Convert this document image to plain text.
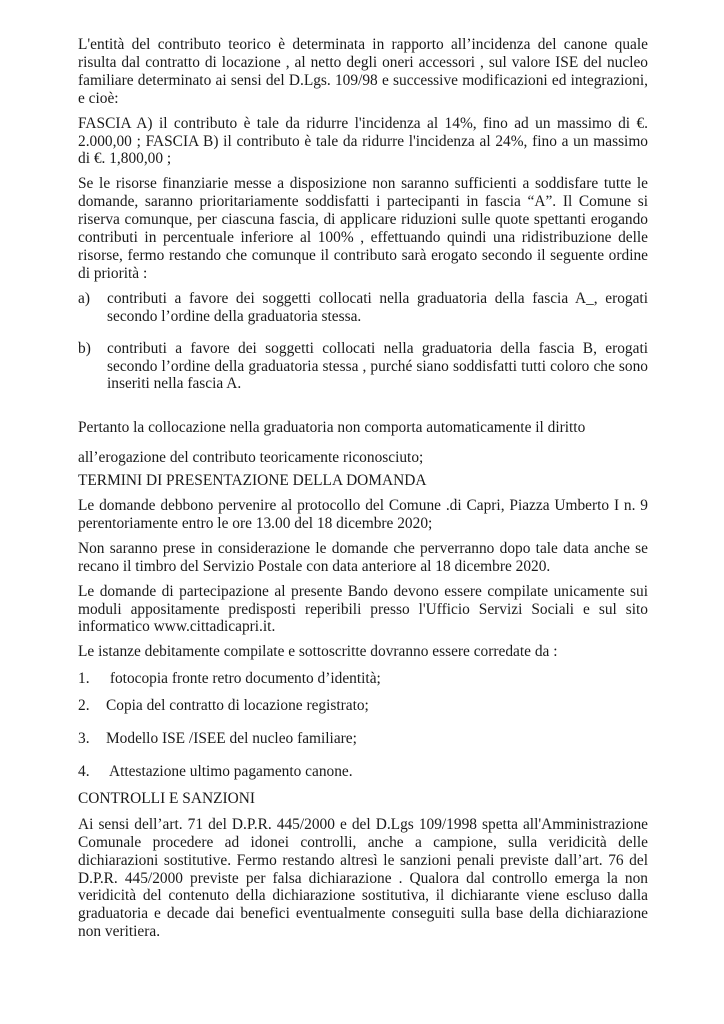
L'entità del contributo teorico è determinata in rapporto all’incidenza del canone quale risulta dal contratto di locazione , al netto degli oneri accessori , sul valore ISE del nucleo familiare determinato ai sensi del D.Lgs. 109/98 e successive modificazioni ed integrazioni, e cioè:

FASCIA A) il contributo è tale da ridurre l'incidenza al 14%, fino ad un massimo di €. 2.000,00 ; FASCIA B) il contributo è tale da ridurre l'incidenza al 24%, fino a un massimo di €. 1,800,00 ;

Se le risorse finanziarie messe a disposizione non saranno sufficienti a soddisfare tutte le domande, saranno prioritariamente soddisfatti i partecipanti in fascia “A”. Il Comune si riserva comunque, per ciascuna fascia, di applicare riduzioni sulle quote spettanti erogando contributi in percentuale inferiore al 100% , effettuando quindi una ridistribuzione delle risorse, fermo restando che comunque il contributo sarà erogato secondo il seguente ordine di priorità :

a)	contributi a favore dei soggetti collocati nella graduatoria della fascia A_, erogati secondo l’ordine della graduatoria stessa.
b)	contributi a favore dei soggetti collocati nella graduatoria della fascia B, erogati secondo l’ordine della graduatoria stessa , purché siano soddisfatti tutti coloro che sono inseriti nella fascia A.

Pertanto la collocazione nella graduatoria non comporta automaticamente il diritto

all’erogazione del contributo teoricamente riconosciuto;

TERMINI DI PRESENTAZIONE DELLA DOMANDA

Le domande debbono pervenire al protocollo del Comune .di Capri, Piazza Umberto I n. 9 perentoriamente entro le ore 13.00 del 18 dicembre 2020;

Non saranno prese in considerazione le domande che perverranno dopo tale data anche se recano il timbro del Servizio Postale con data anteriore al 18 dicembre 2020.

Le domande di partecipazione al presente Bando devono essere compilate unicamente sui moduli appositamente predisposti reperibili presso l'Ufficio Servizi Sociali e sul sito informatico www.cittadicapri.it.

Le istanze debitamente compilate e sottoscritte dovranno essere corredate da :

1.	fotocopia fronte retro documento d’identità;
2.	Copia del contratto di locazione registrato;
3.	Modello ISE /ISEE del nucleo familiare;
4.	Attestazione ultimo pagamento canone.

CONTROLLI E SANZIONI

Ai sensi dell’art. 71 del D.P.R. 445/2000 e del D.Lgs 109/1998 spetta all'Amministrazione Comunale procedere ad idonei controlli, anche a campione, sulla veridicità delle dichiarazioni sostitutive. Fermo restando altresì le sanzioni penali previste dall’art. 76 del D.P.R. 445/2000 previste per falsa dichiarazione . Qualora dal controllo emerga la non veridicità del contenuto della dichiarazione sostitutiva, il dichiarante viene escluso dalla graduatoria e decade dai benefici eventualmente conseguiti sulla base della dichiarazione non veritiera.
